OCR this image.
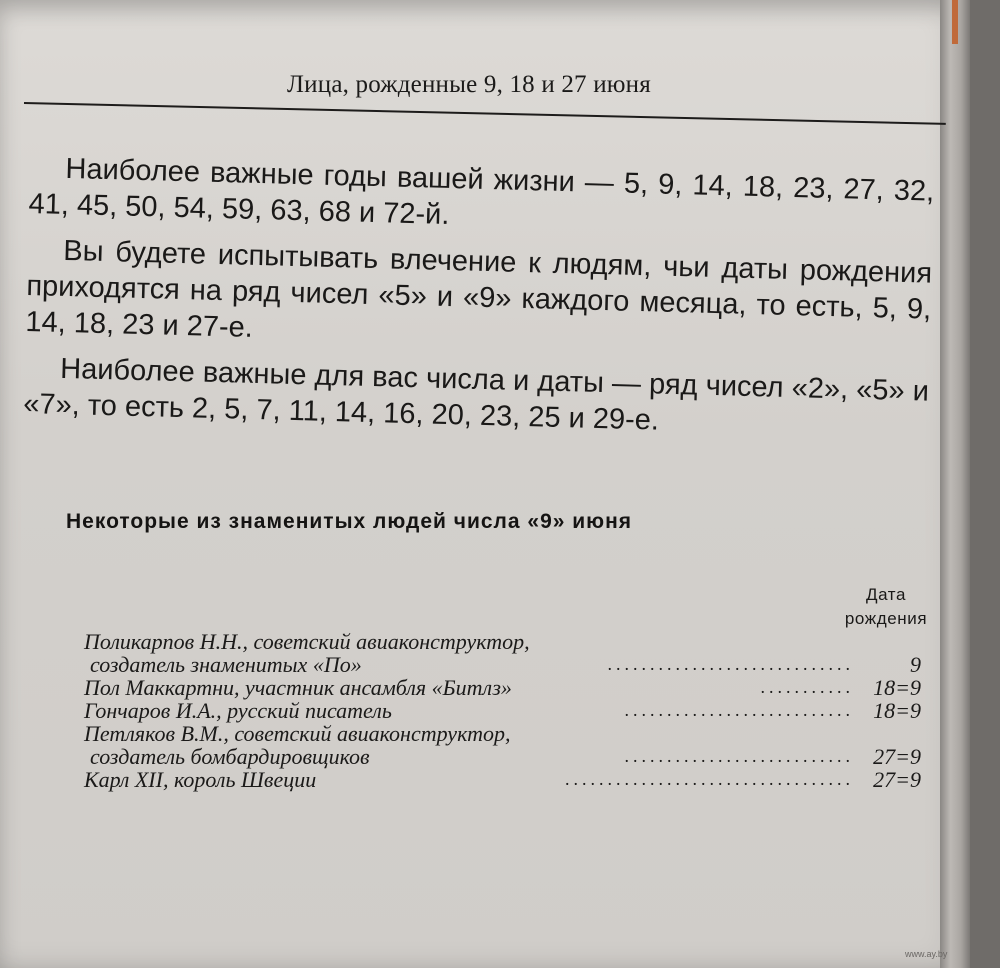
Лица, рожденные 9, 18 и 27 июня

Наиболее важные годы вашей жизни — 5, 9, 14, 18, 23, 27, 32, 41, 45, 50, 54, 59, 63, 68 и 72-й.

Вы будете испытывать влечение к людям, чьи даты рождения приходятся на ряд чисел «5» и «9» каждого месяца, то есть, 5, 9, 14, 18, 23 и 27-е.

Наиболее важные для вас числа и даты — ряд чисел «2», «5» и «7», то есть 2, 5, 7, 11, 14, 16, 20, 23, 25 и 29-е.

Некоторые из знаменитых людей числа «9» июня
Дата
рождения
Поликарпов Н.Н., советский авиаконструктор,
создатель знаменитых «По»	.............................	9
Пол Маккартни, участник ансамбля «Битлз»	........... 18=9
Гончаров И.А., русский писатель	........................... 18=9
Петляков В.М., советский авиаконструктор,
создатель бомбардировщиков	........................... 27=9
Карл XII, король Швеции	.................................. 27=9
www.ay.by
